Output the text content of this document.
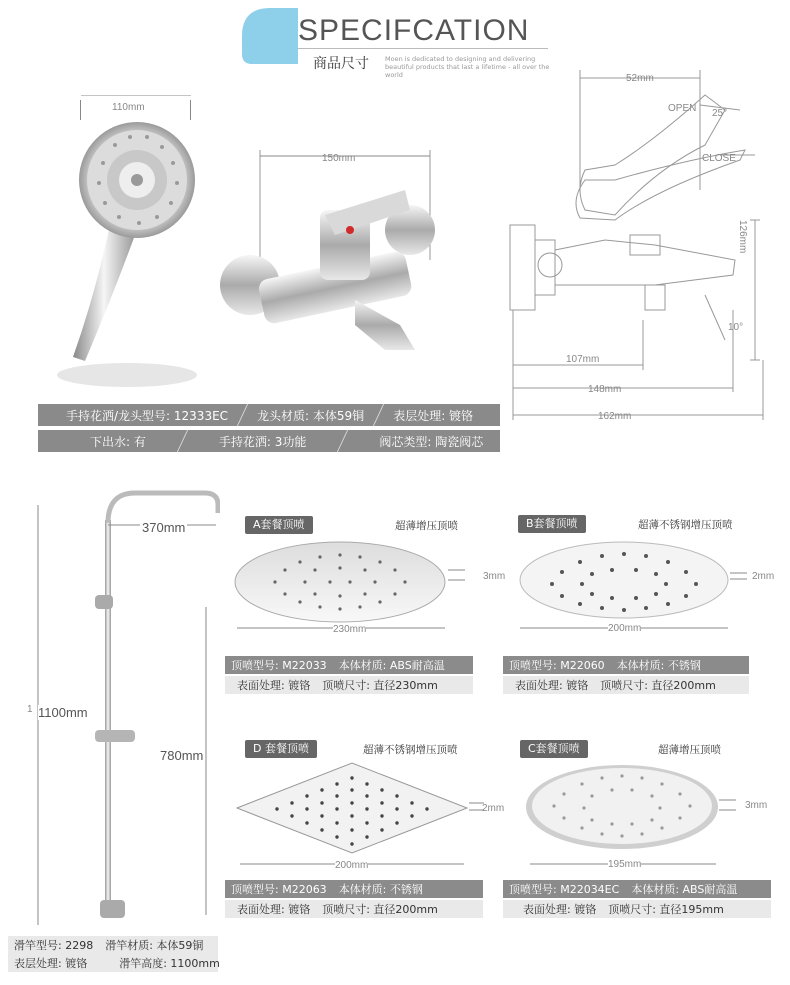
SPECIFCATION
商品尺寸 Moen is dedicated to designing and delivering beautiful products that last a lifetime - all over the world
110mm
150mm
52mm
OPEN 25°
CLOSE
126mm
10°
107mm
148mm
162mm
手持花洒/龙头型号: 12333EC	龙头材质: 本体59铜	表层处理: 镀铬
下出水: 有	手持花洒: 3功能	阀芯类型: 陶瓷阀芯
370mm
1 1100mm
780mm
滑竿型号: 2298	滑竿材质: 本体59铜
表层处理: 镀铬	滑竿高度: 1100mm
A套餐顶喷	超薄增压顶喷
3mm
230mm
顶喷型号: M22033	本体材质: ABS耐高温
表面处理: 镀铬	顶喷尺寸: 直径230mm
B套餐顶喷	超薄不锈钢增压顶喷
2mm
200mm
顶喷型号: M22060	本体材质: 不锈钢
表面处理: 镀铬	顶喷尺寸: 直径200mm
D 套餐顶喷	超薄不锈钢增压顶喷
2mm
200mm
顶喷型号: M22063	本体材质: 不锈钢
表面处理: 镀铬	顶喷尺寸: 直径200mm
C套餐顶喷	超薄增压顶喷
3mm
195mm
顶喷型号: M22034EC	本体材质: ABS耐高温
表面处理: 镀铬	顶喷尺寸: 直径195mm
